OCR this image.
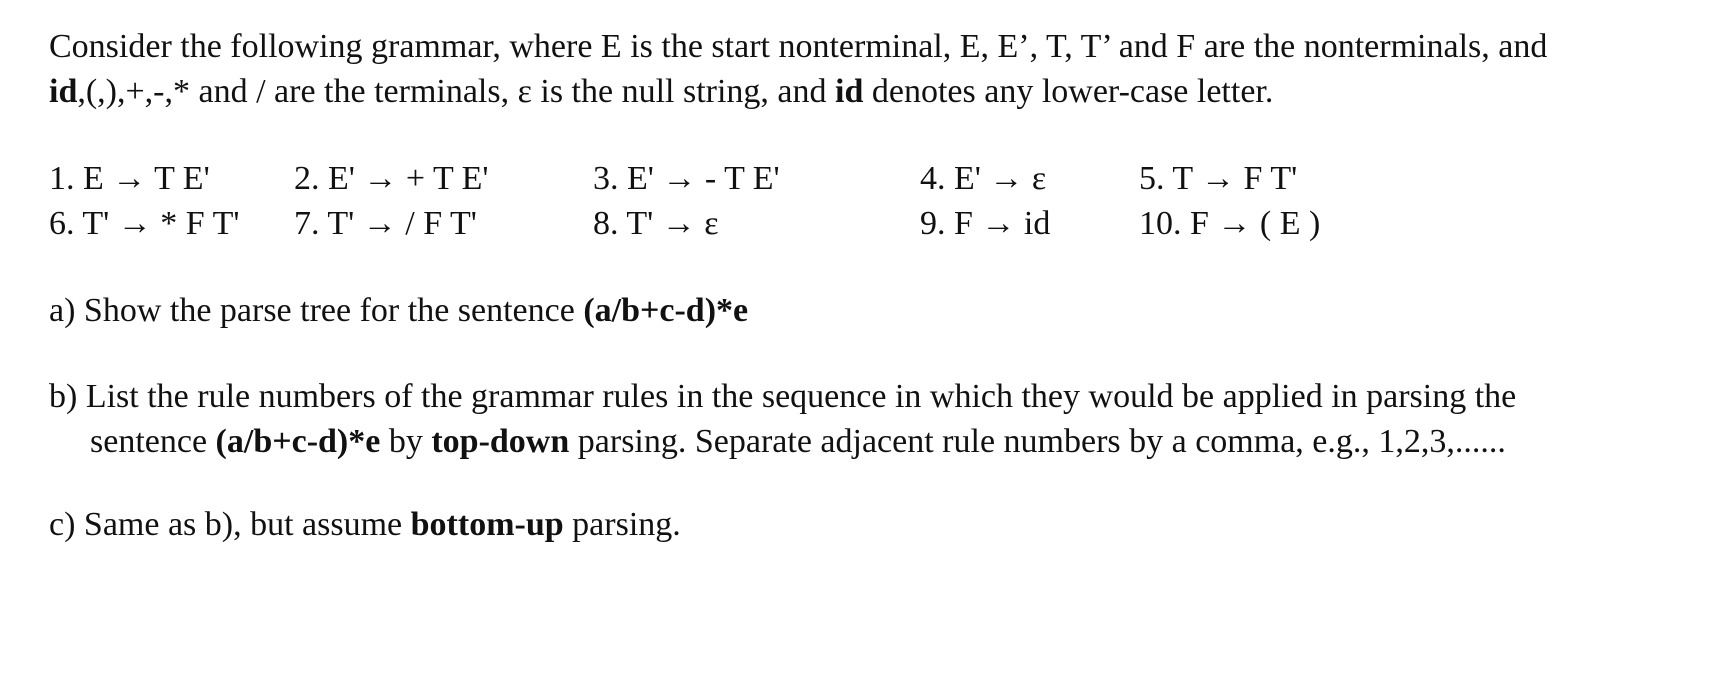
Consider the following grammar, where E is the start nonterminal, E, E’, T, T’ and F are the nonterminals, and

id,(,),+,-,* and / are the terminals, ε is the null string, and id denotes any lower-case letter.

1. E → T E' 2. E' → + T E'	3. E' → - T E'	4. E' → ε	5. T → F T'
6. T' → * F T' 7. T' → / F T'	8. T' → ε	9. F → id	10. F → ( E )
a) Show the parse tree for the sentence (a/b+c-d)*e
b) List the rule numbers of the grammar rules in the sequence in which they would be applied in parsing the
sentence (a/b+c-d)*e by top-down parsing. Separate adjacent rule numbers by a comma, e.g., 1,2,3,......
c) Same as b), but assume bottom-up parsing.
